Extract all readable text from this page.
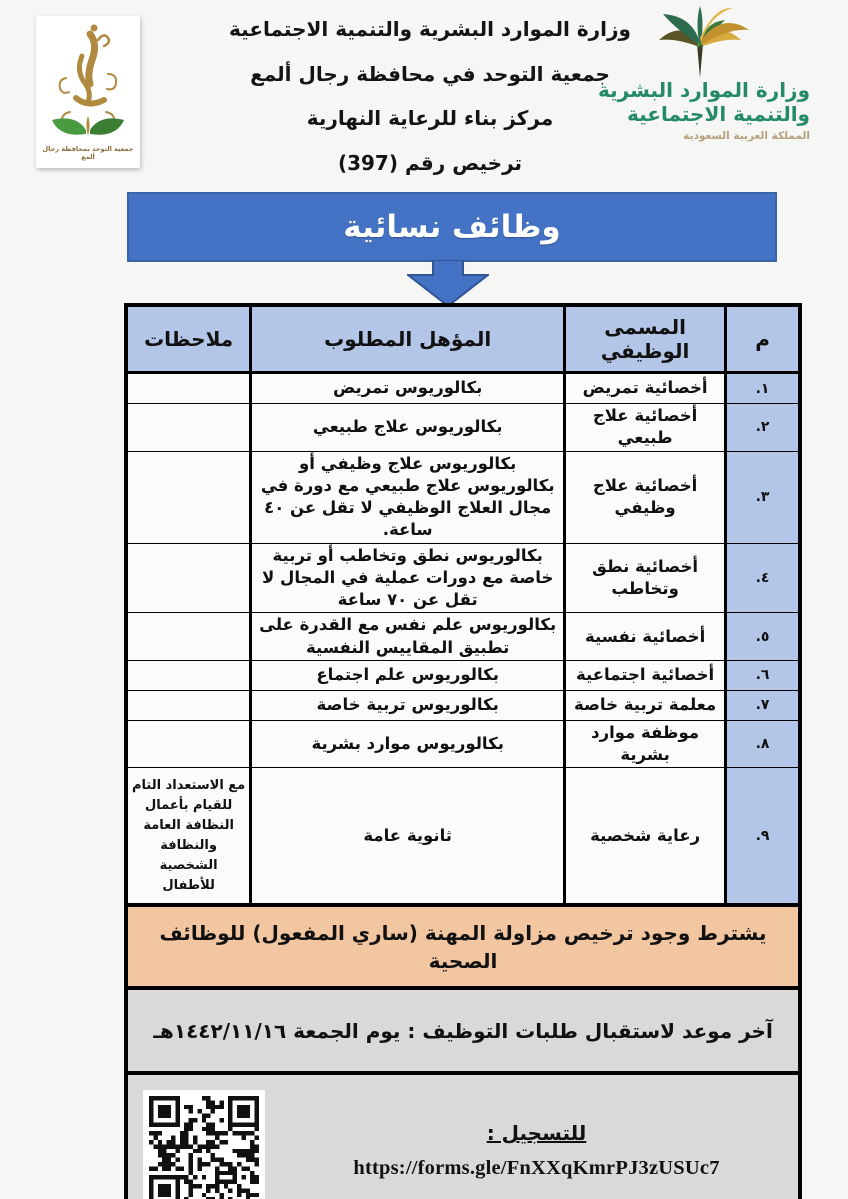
جمعية التوحد بمحافظة رجال ألمع
وزارة الموارد البشرية والتنمية الاجتماعية
جمعية التوحد في محافظة رجال ألمع
مركز بناء للرعاية النهارية
ترخيص رقم (397)
وزارة الموارد البشرية
والتنمية الاجتماعية
المملكة العربية السعودية
وظائف نسائية
م	المسمى الوظيفي	المؤهل المطلوب	ملاحظات
١.	أخصائية تمريض	بكالوريوس تمريض	
٢.	أخصائية علاج طبيعي	بكالوريوس علاج طبيعي	
٣.	أخصائية علاج وظيفي	بكالوريوس علاج وظيفي أو بكالوريوس علاج طبيعي مع دورة في مجال العلاج الوظيفي لا تقل عن ٤٠ ساعة.	
٤.	أخصائية نطق وتخاطب	بكالوريوس نطق وتخاطب أو تربية خاصة مع دورات عملية في المجال لا تقل عن ٧٠ ساعة	
٥.	أخصائية نفسية	بكالوريوس علم نفس مع القدرة على تطبيق المقاييس النفسية	
٦.	أخصائية اجتماعية	بكالوريوس علم اجتماع	
٧.	معلمة تربية خاصة	بكالوريوس تربية خاصة	
٨.	موظفة موارد بشرية	بكالوريوس موارد بشرية	
٩.	رعاية شخصية	ثانوية عامة	مع الاستعداد التام للقيام بأعمال النظافة العامة والنظافة الشخصية للأطفال
يشترط وجود ترخيص مزاولة المهنة (ساري المفعول) للوظائف الصحية
آخر موعد لاستقبال طلبات التوظيف : يوم الجمعة ١٤٤٢/١١/١٦هـ
للتسجيل :
https://forms.gle/FnXXqKmrPJ3zUSUc7
